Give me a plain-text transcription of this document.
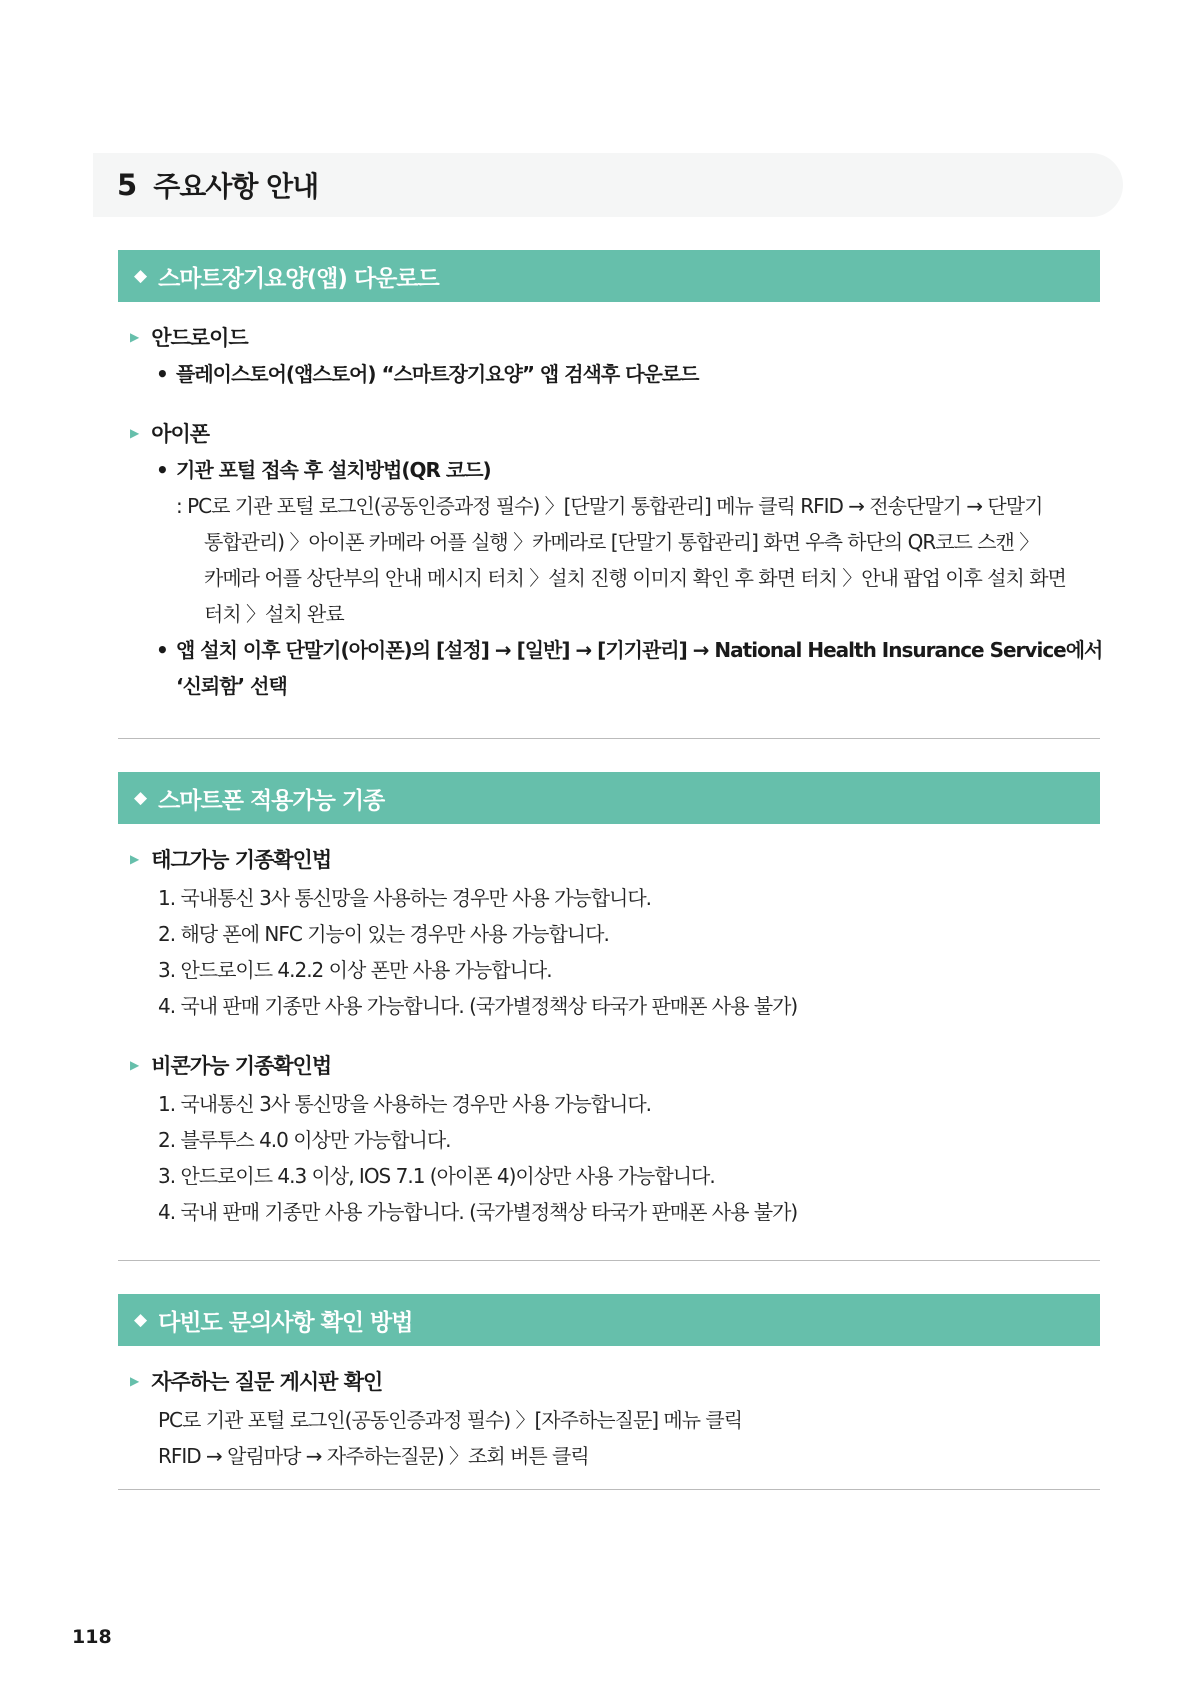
5 주요사항 안내
◆ 스마트장기요양(앱) 다운로드
▶ 안드로이드
• 플레이스토어(앱스토어) “스마트장기요양” 앱 검색후 다운로드
▶ 아이폰
• 기관 포털 접속 후 설치방법(QR 코드)
: PC로 기관 포털 로그인(공동인증과정 필수) 〉[단말기 통합관리] 메뉴 클릭 RFID → 전송단말기 → 단말기
통합관리) 〉아이폰 카메라 어플 실행 〉카메라로 [단말기 통합관리] 화면 우측 하단의 QR코드 스캔 〉
카메라 어플 상단부의 안내 메시지 터치 〉설치 진행 이미지 확인 후 화면 터치 〉안내 팝업 이후 설치 화면
터치 〉설치 완료
• 앱 설치 이후 단말기(아이폰)의 [설정] → [일반] → [기기관리] → National Health Insurance Service에서
‘신뢰함’ 선택
◆ 스마트폰 적용가능 기종
▶ 태그가능 기종확인법
1. 국내통신 3사 통신망을 사용하는 경우만 사용 가능합니다.
2. 해당 폰에 NFC 기능이 있는 경우만 사용 가능합니다.
3. 안드로이드 4.2.2 이상 폰만 사용 가능합니다.
4. 국내 판매 기종만 사용 가능합니다. (국가별정책상 타국가 판매폰 사용 불가)
▶ 비콘가능 기종확인법
1. 국내통신 3사 통신망을 사용하는 경우만 사용 가능합니다.
2. 블루투스 4.0 이상만 가능합니다.
3. 안드로이드 4.3 이상, IOS 7.1 (아이폰 4)이상만 사용 가능합니다.
4. 국내 판매 기종만 사용 가능합니다. (국가별정책상 타국가 판매폰 사용 불가)
◆ 다빈도 문의사항 확인 방법
▶ 자주하는 질문 게시판 확인
PC로 기관 포털 로그인(공동인증과정 필수) 〉[자주하는질문] 메뉴 클릭
RFID → 알림마당 → 자주하는질문) 〉조회 버튼 클릭
118
